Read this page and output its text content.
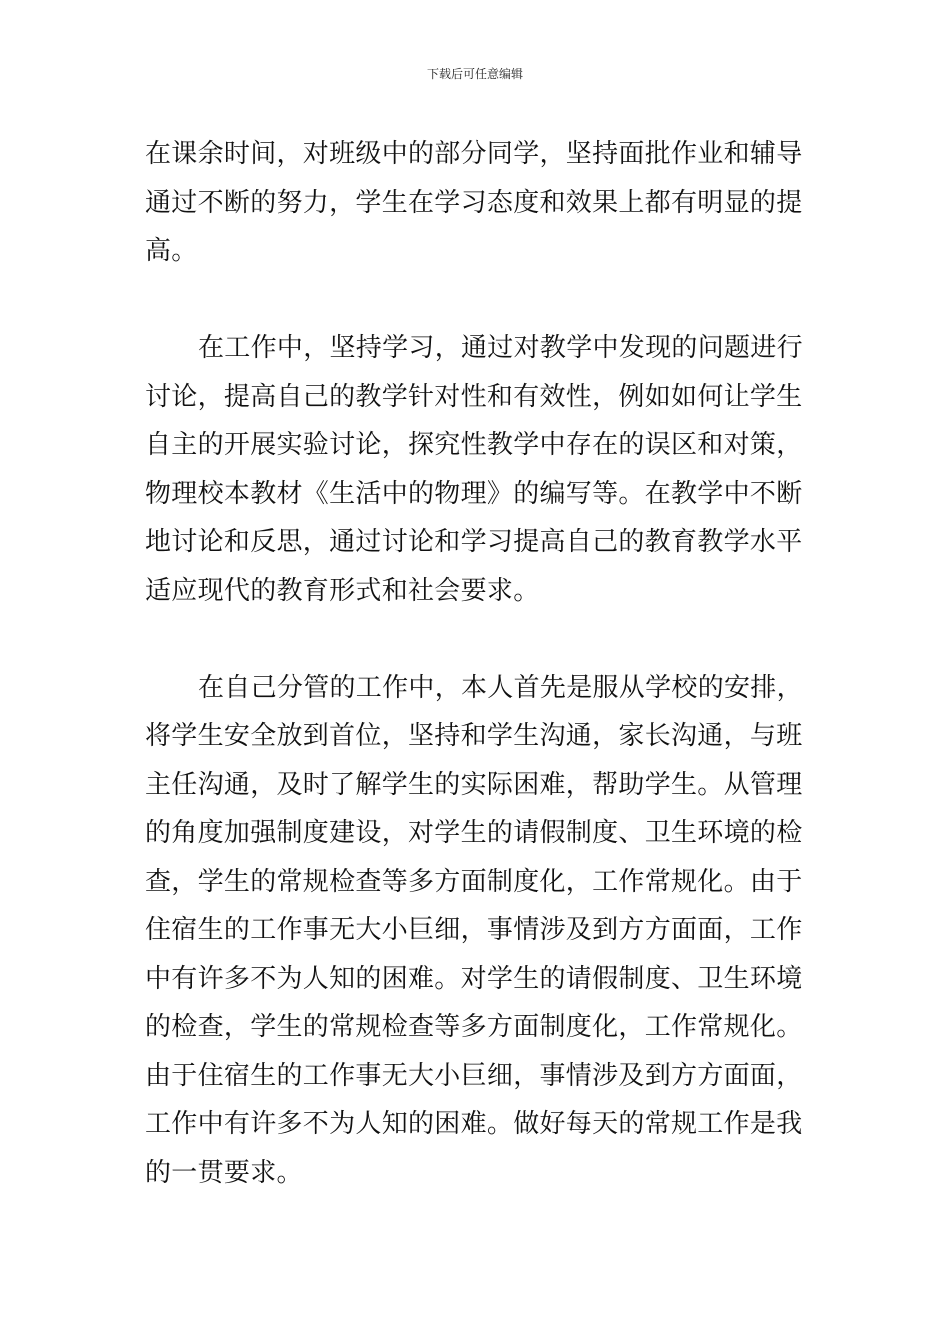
下载后可任意编辑
在课余时间，对班级中的部分同学，坚持面批作业和辅导
通过不断的努力，学生在学习态度和效果上都有明显的提
高。
在工作中，坚持学习，通过对教学中发现的问题进行
讨论，提高自己的教学针对性和有效性，例如如何让学生
自主的开展实验讨论，探究性教学中存在的误区和对策，
物理校本教材《生活中的物理》的编写等。在教学中不断
地讨论和反思，通过讨论和学习提高自己的教育教学水平
适应现代的教育形式和社会要求。
在自己分管的工作中，本人首先是服从学校的安排，
将学生安全放到首位，坚持和学生沟通，家长沟通，与班
主任沟通，及时了解学生的实际困难，帮助学生。从管理
的角度加强制度建设，对学生的请假制度、卫生环境的检
查，学生的常规检查等多方面制度化，工作常规化。由于
住宿生的工作事无大小巨细，事情涉及到方方面面，工作
中有许多不为人知的困难。对学生的请假制度、卫生环境
的检查，学生的常规检查等多方面制度化，工作常规化。
由于住宿生的工作事无大小巨细，事情涉及到方方面面，
工作中有许多不为人知的困难。做好每天的常规工作是我
的一贯要求。
